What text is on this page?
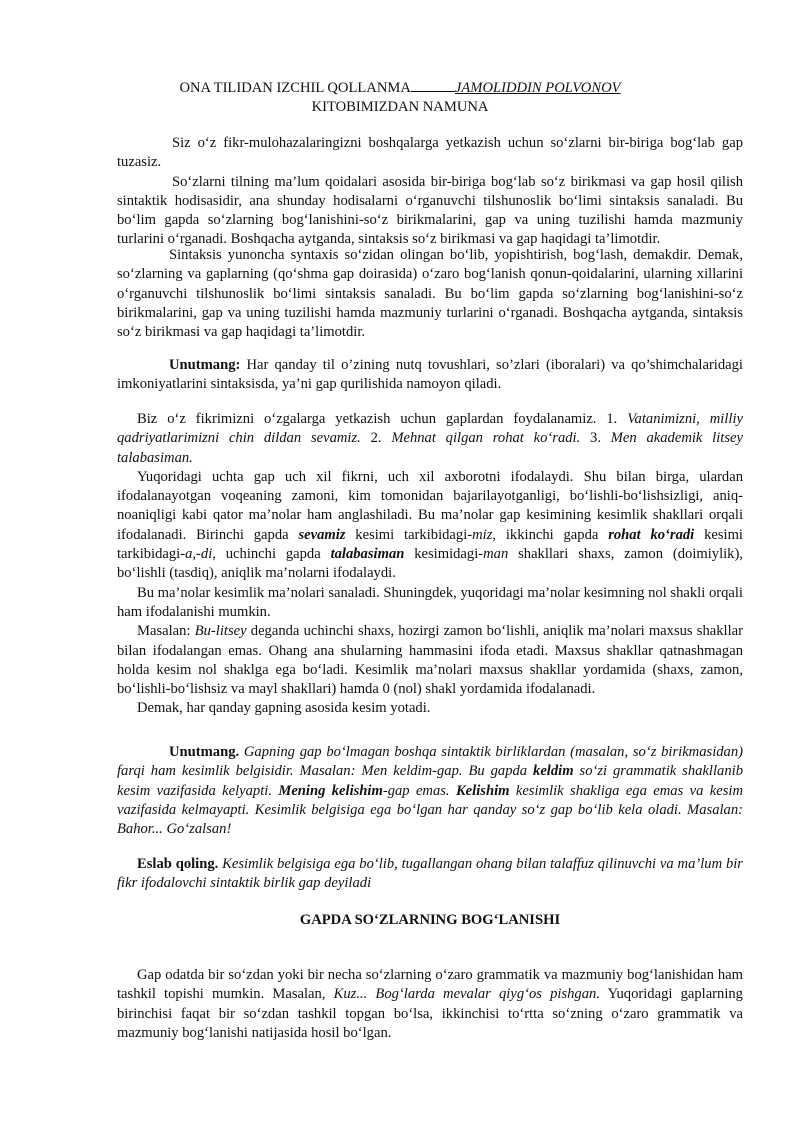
ONA TILIDAN IZCHIL QOLLANMA	JAMOLIDDIN POLVONOV
KITOBIMIZDAN NAMUNA

Siz o‘z fikr-mulohazalaringizni boshqalarga yetkazish uchun so‘zlarni bir-biriga bog‘lab gap tuzasiz.

So‘zlarni tilning ma’lum qoidalari asosida bir-biriga bog‘lab so‘z birikmasi va gap hosil qilish sintaktik hodisasidir, ana shunday hodisalarni o‘rganuvchi tilshunoslik bo‘limi sintaksis sanaladi. Bu bo‘lim gapda so‘zlarning bog‘lanishini-so‘z birikmalarini, gap va uning tuzilishi hamda mazmuniy turlarini o‘rganadi. Boshqacha aytganda, sintaksis so‘z birikmasi va gap haqidagi ta’limotdir.

Sintaksis yunoncha syntaxis so‘zidan olingan bo‘lib, yopishtirish, bog‘lash, demakdir. Demak, so‘zlarning va gaplarning (qo‘shma gap doirasida) o‘zaro bog‘lanish qonun-qoidalarini, ularning xillarini o‘rganuvchi tilshunoslik bo‘limi sintaksis sanaladi. Bu bo‘lim gapda so‘zlarning bog‘lanishini-so‘z birikmalarini, gap va uning tuzilishi hamda mazmuniy turlarini o‘rganadi. Boshqacha aytganda, sintaksis so‘z birikmasi va gap haqidagi ta’limotdir.

Unutmang: Har qanday til o’zining nutq tovushlari, so’zlari (iboralari) va qo’shimchalaridagi imkoniyatlarini sintaksisda, ya’ni gap qurilishida namoyon qiladi.

Biz o‘z fikrimizni o‘zgalarga yetkazish uchun gaplardan foydalanamiz. 1. Vatanimizni, milliy qadriyatlarimizni chin dildan sevamiz. 2. Mehnat qilgan rohat ko‘radi. 3. Men akademik litsey talabasiman.

Yuqoridagi uchta gap uch xil fikrni, uch xil axborotni ifodalaydi. Shu bilan birga, ulardan ifodalanayotgan voqeaning zamoni, kim tomonidan bajarilayotganligi, bo‘lishli-bo‘lishsizligi, aniq-noaniqligi kabi qator ma’nolar ham anglashiladi. Bu ma’nolar gap kesimining kesimlik shakllari orqali ifodalanadi. Birinchi gapda sevamiz kesimi tarkibidagi-miz, ikkinchi gapda rohat ko‘radi kesimi tarkibidagi-a,-di, uchinchi gapda talabasiman kesimidagi-man shakllari shaxs, zamon (doimiylik), bo‘lishli (tasdiq), aniqlik ma’nolarni ifodalaydi.

Bu ma’nolar kesimlik ma’nolari sanaladi. Shuningdek, yuqoridagi ma’nolar kesimning nol shakli orqali ham ifodalanishi mumkin.

Masalan: Bu-litsey deganda uchinchi shaxs, hozirgi zamon bo‘lishli, aniqlik ma’nolari maxsus shakllar bilan ifodalangan emas. Ohang ana shularning hammasini ifoda etadi. Maxsus shakllar qatnashmagan holda kesim nol shaklga ega bo‘ladi. Kesimlik ma’nolari maxsus shakllar yordamida (shaxs, zamon, bo‘lishli-bo‘lishsiz va mayl shakllari) hamda 0 (nol) shakl yordamida ifodalanadi.

Demak, har qanday gapning asosida kesim yotadi.

Unutmang. Gapning gap bo‘lmagan boshqa sintaktik birliklardan (masalan, so‘z birikmasidan) farqi ham kesimlik belgisidir. Masalan: Men keldim-gap. Bu gapda keldim so‘zi grammatik shakllanib kesim vazifasida kelyapti. Mening kelishim-gap emas. Kelishim kesimlik shakliga ega emas va kesim vazifasida kelmayapti. Kesimlik belgisiga ega bo‘lgan har qanday so‘z gap bo‘lib kela oladi. Masalan: Bahor... Go‘zalsan!

Eslab qoling. Kesimlik belgisiga ega bo‘lib, tugallangan ohang bilan talaffuz qilinuvchi va ma’lum bir fikr ifodalovchi sintaktik birlik gap deyiladi

GAPDA SO‘ZLARNING BOG‘LANISHI

Gap odatda bir so‘zdan yoki bir necha so‘zlarning o‘zaro grammatik va mazmuniy bog‘lanishidan ham tashkil topishi mumkin. Masalan, Kuz... Bog‘larda mevalar qiyg‘os pishgan. Yuqoridagi gaplarning birinchisi faqat bir so‘zdan tashkil topgan bo‘lsa, ikkinchisi to‘rtta so‘zning o‘zaro grammatik va mazmuniy bog‘lanishi natijasida hosil bo‘lgan.
